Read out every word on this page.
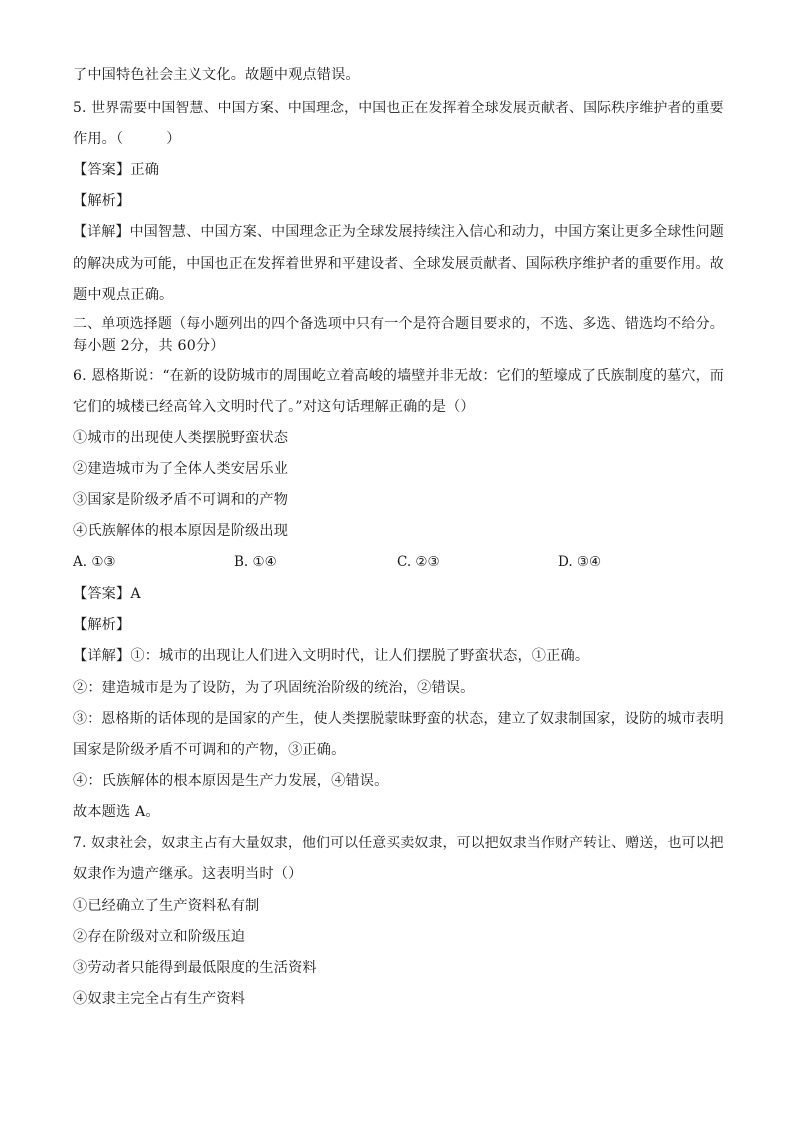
了中国特色社会主义文化。故题中观点错误。
5. 世界需要中国智慧、中国方案、中国理念，中国也正在发挥着全球发展贡献者、国际秩序维护者的重要
作用。（　　　）
【答案】正确
【解析】
【详解】中国智慧、中国方案、中国理念正为全球发展持续注入信心和动力，中国方案让更多全球性问题
的解决成为可能，中国也正在发挥着世界和平建设者、全球发展贡献者、国际秩序维护者的重要作用。故
题中观点正确。
二、单项选择题（每小题列出的四个备选项中只有一个是符合题目要求的，不选、多选、错选均不给分。
每小题 2分，共 60分）
6. 恩格斯说：“在新的设防城市的周围屹立着高峻的墙壁并非无故：它们的堑壕成了氏族制度的墓穴，而
它们的城楼已经高耸入文明时代了。”对这句话理解正确的是（）
①城市的出现使人类摆脱野蛮状态
②建造城市为了全体人类安居乐业
③国家是阶级矛盾不可调和的产物
④氏族解体的根本原因是阶级出现
A. ①③	B. ①④	C. ②③	D. ③④
【答案】A
【解析】
【详解】①：城市的出现让人们进入文明时代，让人们摆脱了野蛮状态，①正确。
②：建造城市是为了设防，为了巩固统治阶级的统治，②错误。
③：恩格斯的话体现的是国家的产生，使人类摆脱蒙昧野蛮的状态，建立了奴隶制国家，设防的城市表明
国家是阶级矛盾不可调和的产物，③正确。
④：氏族解体的根本原因是生产力发展，④错误。
故本题选 A。
7. 奴隶社会，奴隶主占有大量奴隶，他们可以任意买卖奴隶，可以把奴隶当作财产转让、赠送，也可以把
奴隶作为遗产继承。这表明当时（）
①已经确立了生产资料私有制
②存在阶级对立和阶级压迫
③劳动者只能得到最低限度的生活资料
④奴隶主完全占有生产资料
